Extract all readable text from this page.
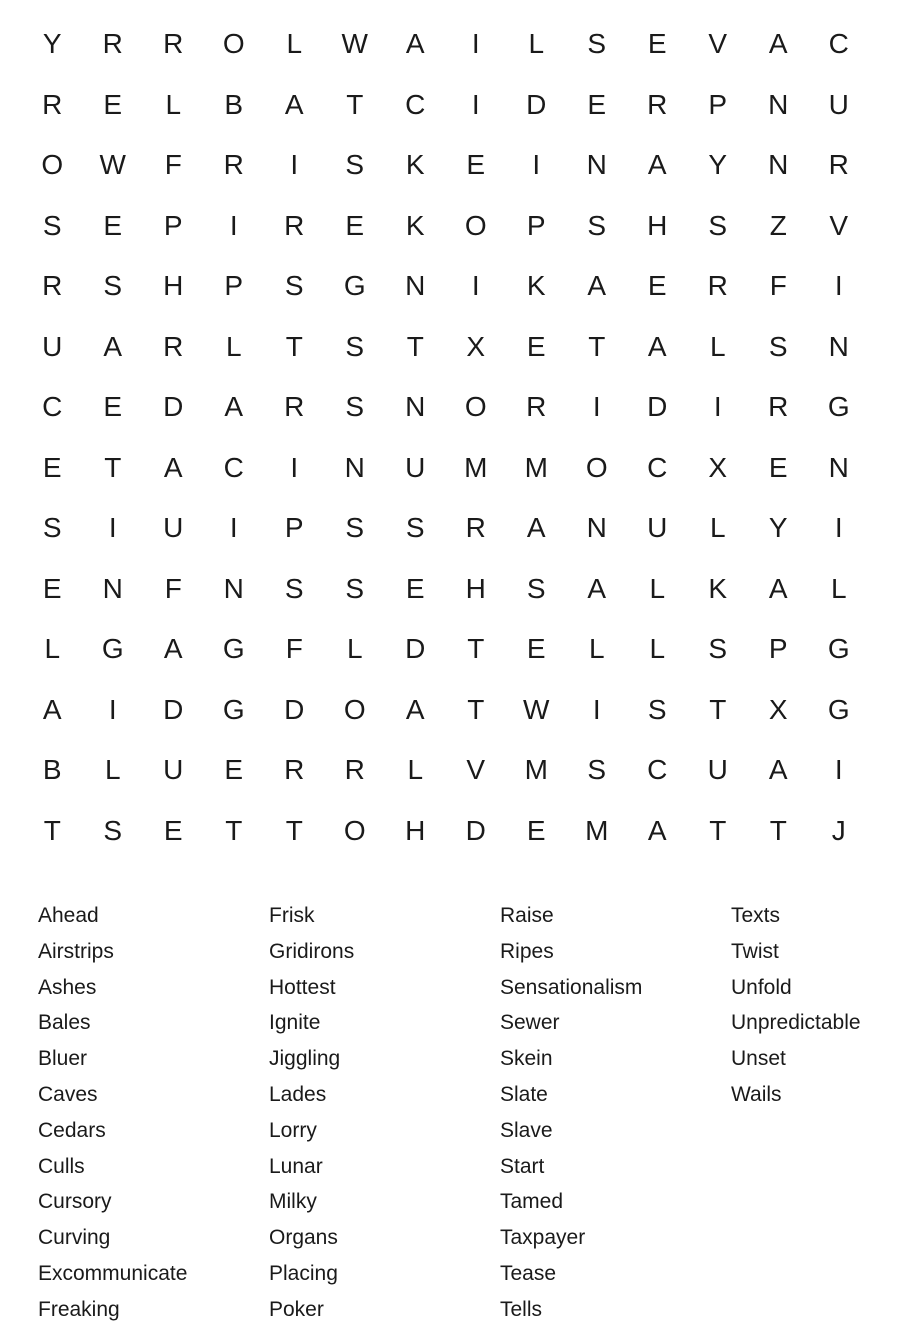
Y	R	R	O	L	W	A	I	L	S	E	V	A	C
R	E	L	B	A	T	C	I	D	E	R	P	N	U
O	W	F	R	I	S	K	E	I	N	A	Y	N	R
S	E	P	I	R	E	K	O	P	S	H	S	Z	V
R	S	H	P	S	G	N	I	K	A	E	R	F	I
U	A	R	L	T	S	T	X	E	T	A	L	S	N
C	E	D	A	R	S	N	O	R	I	D	I	R	G
E	T	A	C	I	N	U	M	M	O	C	X	E	N
S	I	U	I	P	S	S	R	A	N	U	L	Y	I
E	N	F	N	S	S	E	H	S	A	L	K	A	L
L	G	A	G	F	L	D	T	E	L	L	S	P	G
A	I	D	G	D	O	A	T	W	I	S	T	X	G
B	L	U	E	R	R	L	V	M	S	C	U	A	I
T	S	E	T	T	O	H	D	E	M	A	T	T	J
Ahead
Airstrips
Ashes
Bales
Bluer
Caves
Cedars
Culls
Cursory
Curving
Excommunicate
Freaking
Frisk
Gridirons
Hottest
Ignite
Jiggling
Lades
Lorry
Lunar
Milky
Organs
Placing
Poker
Raise
Ripes
Sensationalism
Sewer
Skein
Slate
Slave
Start
Tamed
Taxpayer
Tease
Tells
Texts
Twist
Unfold
Unpredictable
Unset
Wails
